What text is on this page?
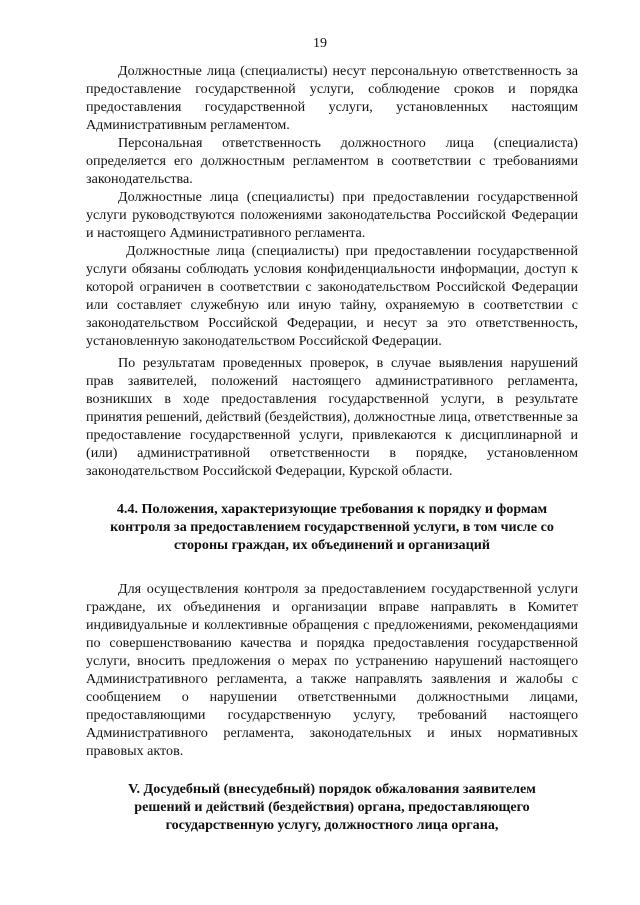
19

Должностные лица (специалисты) несут персональную ответственность за предоставление государственной услуги, соблюдение сроков и порядка предоставления государственной услуги, установленных настоящим Административным регламентом.

Персональная ответственность должностного лица (специалиста) определяется его должностным регламентом в соответствии с требованиями законодательства.

Должностные лица (специалисты) при предоставлении государственной услуги руководствуются положениями законодательства Российской Федерации и настоящего Административного регламента.

Должностные лица (специалисты) при предоставлении государственной услуги обязаны соблюдать условия конфиденциальности информации, доступ к которой ограничен в соответствии с законодательством Российской Федерации или составляет служебную или иную тайну, охраняемую в соответствии с законодательством Российской Федерации, и несут за это ответственность, установленную законодательством Российской Федерации.

По результатам проведенных проверок, в случае выявления нарушений прав заявителей, положений настоящего административного регламента, возникших в ходе предоставления государственной услуги, в результате принятия решений, действий (бездействия), должностные лица, ответственные за предоставление государственной услуги, привлекаются к дисциплинарной и (или) административной ответственности в порядке, установленном законодательством Российской Федерации, Курской области.

4.4. Положения, характеризующие требования к порядку и формам контроля за предоставлением государственной услуги, в том числе со стороны граждан, их объединений и организаций

Для осуществления контроля за предоставлением государственной услуги граждане, их объединения и организации вправе направлять в Комитет индивидуальные и коллективные обращения с предложениями, рекомендациями по совершенствованию качества и порядка предоставления государственной услуги, вносить предложения о мерах по устранению нарушений настоящего Административного регламента, а также направлять заявления и жалобы с сообщением о нарушении ответственными должностными лицами, предоставляющими государственную услугу, требований настоящего Административного регламента, законодательных и иных нормативных правовых актов.

V. Досудебный (внесудебный) порядок обжалования заявителем решений и действий (бездействия) органа, предоставляющего государственную услугу, должностного лица органа,
